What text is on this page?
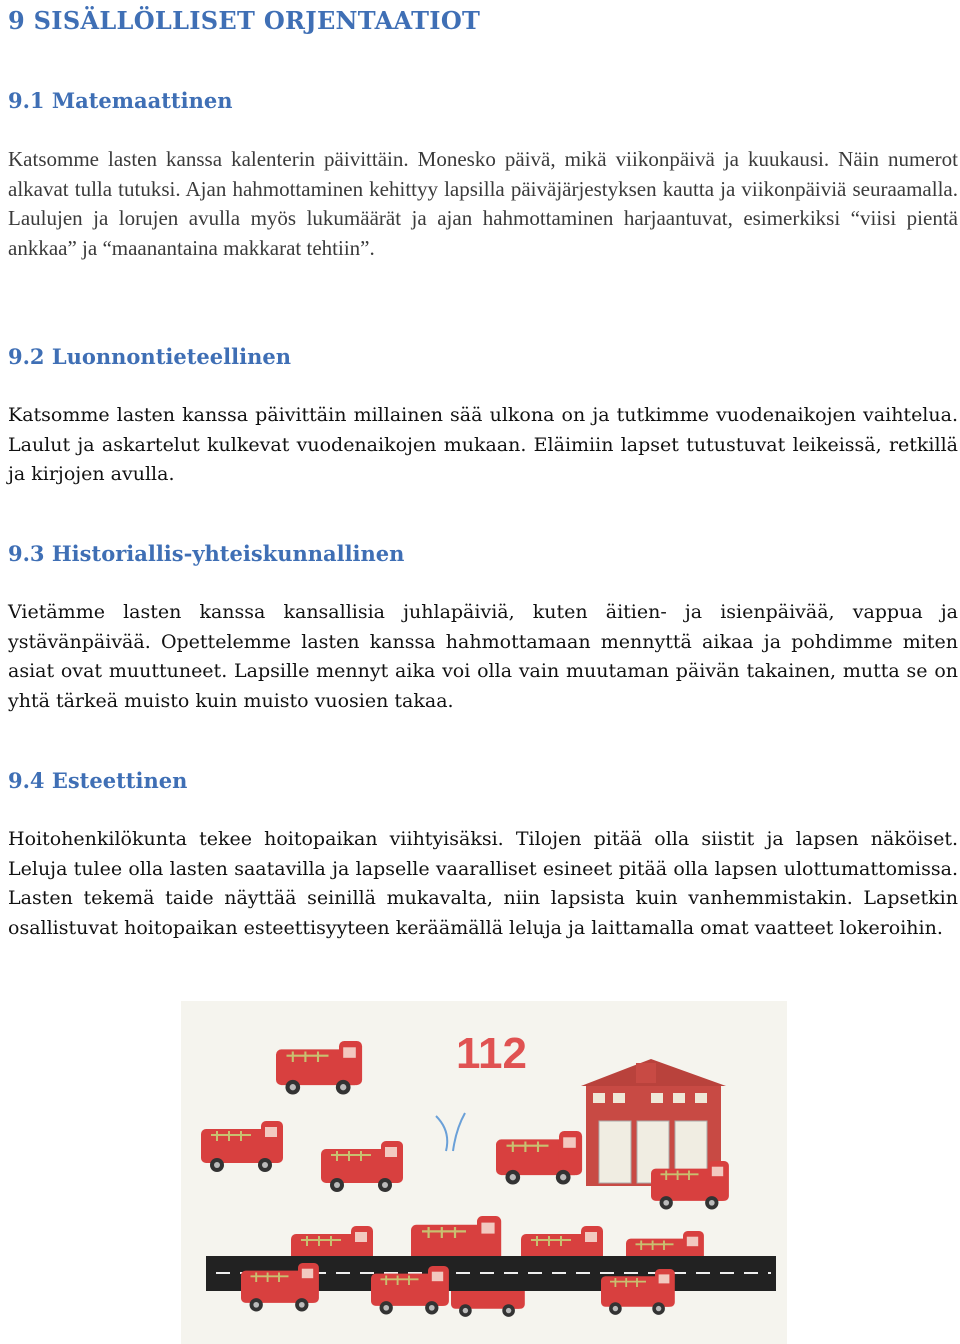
9 SISÄLLÖLLISET ORJENTAATIOT
9.1 Matemaattinen

Katsomme lasten kanssa kalenterin päivittäin. Monesko päivä, mikä viikonpäivä ja kuukausi. Näin numerot alkavat tulla tutuksi. Ajan hahmottaminen kehittyy lapsilla päiväjärjestyksen kautta ja viikonpäiviä seuraamalla. Laulujen ja lorujen avulla myös lukumäärät ja ajan hahmottaminen harjaantuvat, esimerkiksi “viisi pientä ankkaa” ja “maanantaina makkarat tehtiin”.

9.2 Luonnontieteellinen

Katsomme lasten kanssa päivittäin millainen sää ulkona on ja tutkimme vuodenaikojen vaihtelua. Laulut ja askartelut kulkevat vuodenaikojen mukaan. Eläimiin lapset tutustuvat leikeissä, retkillä ja kirjojen avulla.

9.3 Historiallis-yhteiskunnallinen

Vietämme lasten kanssa kansallisia juhlapäiviä, kuten äitien- ja isienpäivää, vappua ja ystävänpäivää. Opettelemme lasten kanssa hahmottamaan mennyttä aikaa ja pohdimme miten asiat ovat muuttuneet. Lapsille mennyt aika voi olla vain muutaman päivän takainen, mutta se on yhtä tärkeä muisto kuin muisto vuosien takaa.

9.4 Esteettinen

Hoitohenkilökunta tekee hoitopaikan viihtyisäksi. Tilojen pitää olla siistit ja lapsen näköiset. Leluja tulee olla lasten saatavilla ja lapselle vaaralliset esineet pitää olla lapsen ulottumattomissa. Lasten tekemä taide näyttää seinillä mukavalta, niin lapsista kuin vanhemmistakin. Lapsetkin osallistuvat hoitopaikan esteettisyyteen keräämällä leluja ja laittamalla omat vaatteet lokeroihin.

112
